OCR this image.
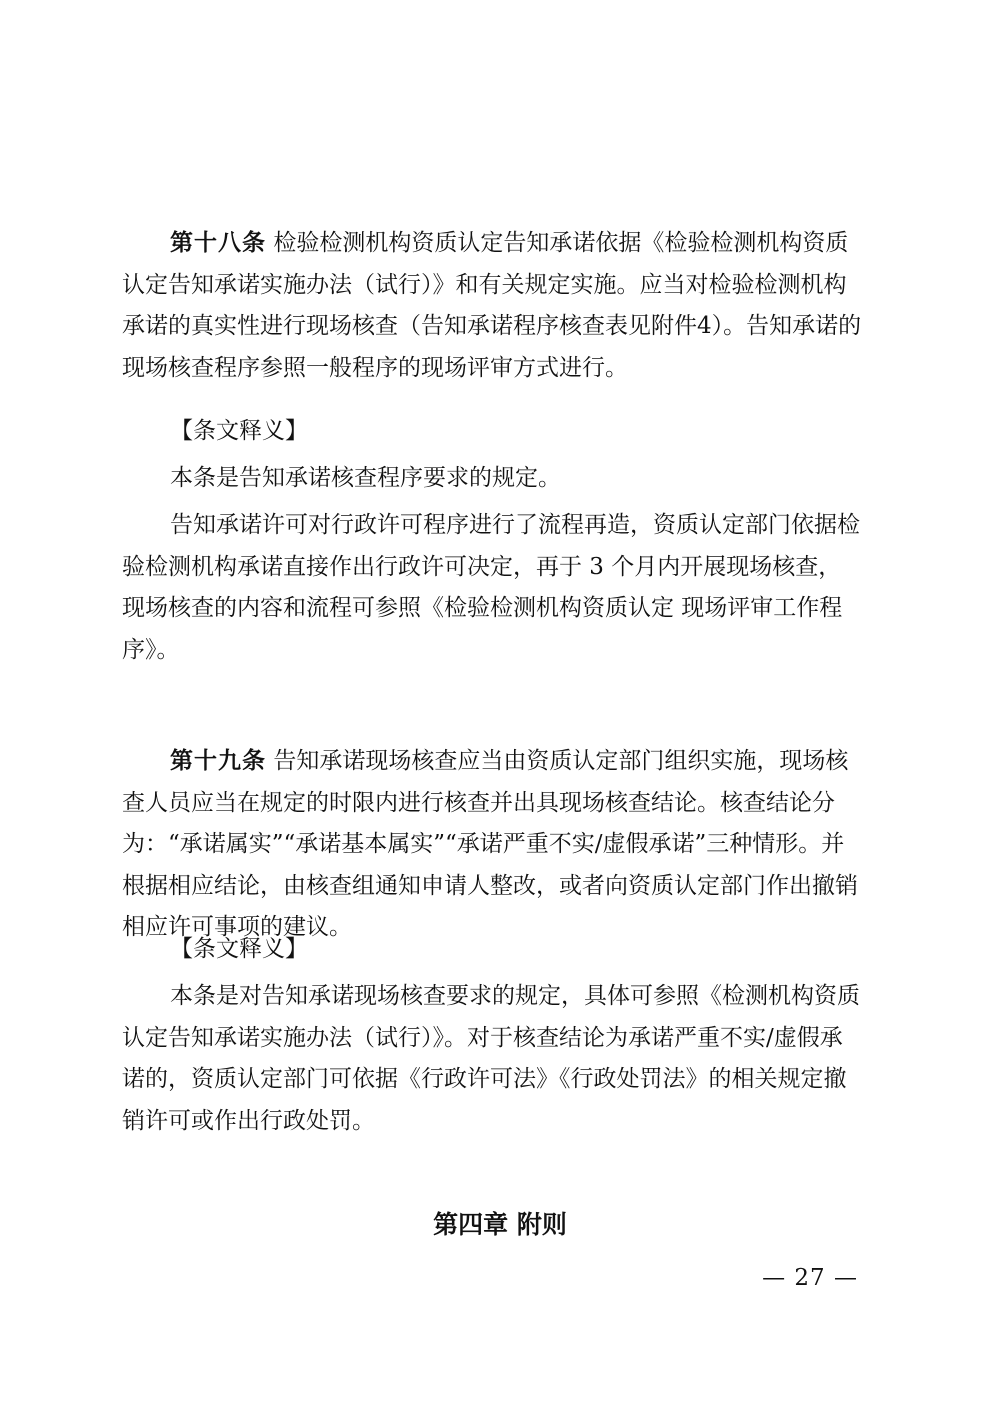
第十八条 检验检测机构资质认定告知承诺依据《检验检测机构资质认定告知承诺实施办法（试行）》和有关规定实施。应当对检验检测机构承诺的真实性进行现场核查（告知承诺程序核查表见附件4）。告知承诺的现场核查程序参照一般程序的现场评审方式进行。

【条文释义】

本条是告知承诺核查程序要求的规定。

告知承诺许可对行政许可程序进行了流程再造，资质认定部门依据检验检测机构承诺直接作出行政许可决定，再于 3 个月内开展现场核查，现场核查的内容和流程可参照《检验检测机构资质认定 现场评审工作程序》。

第十九条 告知承诺现场核查应当由资质认定部门组织实施，现场核查人员应当在规定的时限内进行核查并出具现场核查结论。核查结论分为：“承诺属实”“承诺基本属实”“承诺严重不实/虚假承诺”三种情形。并根据相应结论，由核查组通知申请人整改，或者向资质认定部门作出撤销相应许可事项的建议。

【条文释义】

本条是对告知承诺现场核查要求的规定，具体可参照《检测机构资质认定告知承诺实施办法（试行）》。对于核查结论为承诺严重不实/虚假承诺的，资质认定部门可依据《行政许可法》《行政处罚法》的相关规定撤销许可或作出行政处罚。

第四章 附则
— 27 —
